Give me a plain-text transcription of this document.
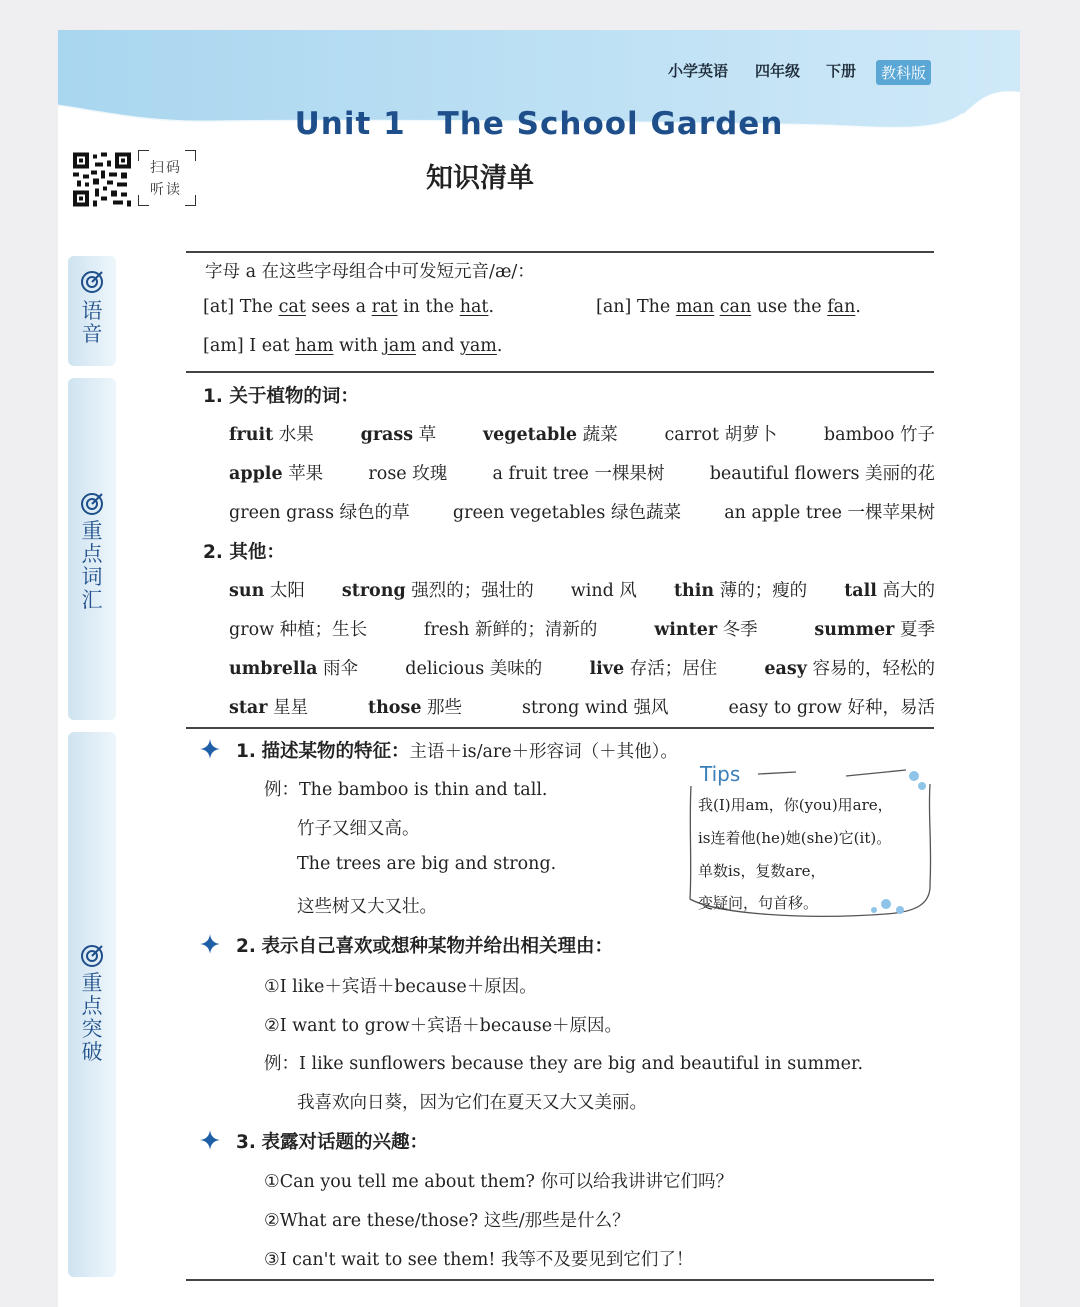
小学英语 四年级 下册	教科版
Unit 1　The School Garden
知识清单
扫码
听读
语音
重点词汇
重点突破
字母 a 在这些字母组合中可发短元音/æ/：
[at] The cat sees a rat in the hat.	[an] The man can use the fan.
[am] I eat ham with jam and yam.
1. 关于植物的词：
fruit 水果	grass 草	vegetable 蔬菜	carrot 胡萝卜	bamboo 竹子
apple 苹果	rose 玫瑰	a fruit tree 一棵果树	beautiful flowers 美丽的花
green grass 绿色的草 green vegetables 绿色蔬菜 an apple tree 一棵苹果树
2. 其他：
sun 太阳 strong 强烈的；强壮的 wind 风 thin 薄的；瘦的 tall 高大的
grow 种植；生长	fresh 新鲜的；清新的	winter 冬季	summer 夏季
umbrella 雨伞	delicious 美味的	live 存活；居住	easy 容易的，轻松的
star 星星	those 那些	strong wind 强风	easy to grow 好种，易活
1. 描述某物的特征：主语＋is/are＋形容词（＋其他）。
例：The bamboo is thin and tall.
竹子又细又高。
The trees are big and strong.
这些树又大又壮。
Tips
我(I)用am，你(you)用are，
is连着他(he)她(she)它(it)。
单数is，复数are，
变疑问，句首移。
2. 表示自己喜欢或想种某物并给出相关理由：
①I like＋宾语＋because＋原因。
②I want to grow＋宾语＋because＋原因。
例：I like sunflowers because they are big and beautiful in summer.
我喜欢向日葵，因为它们在夏天又大又美丽。
3. 表露对话题的兴趣：
①Can you tell me about them? 你可以给我讲讲它们吗？
②What are these/those? 这些/那些是什么？
③I can't wait to see them! 我等不及要见到它们了！
